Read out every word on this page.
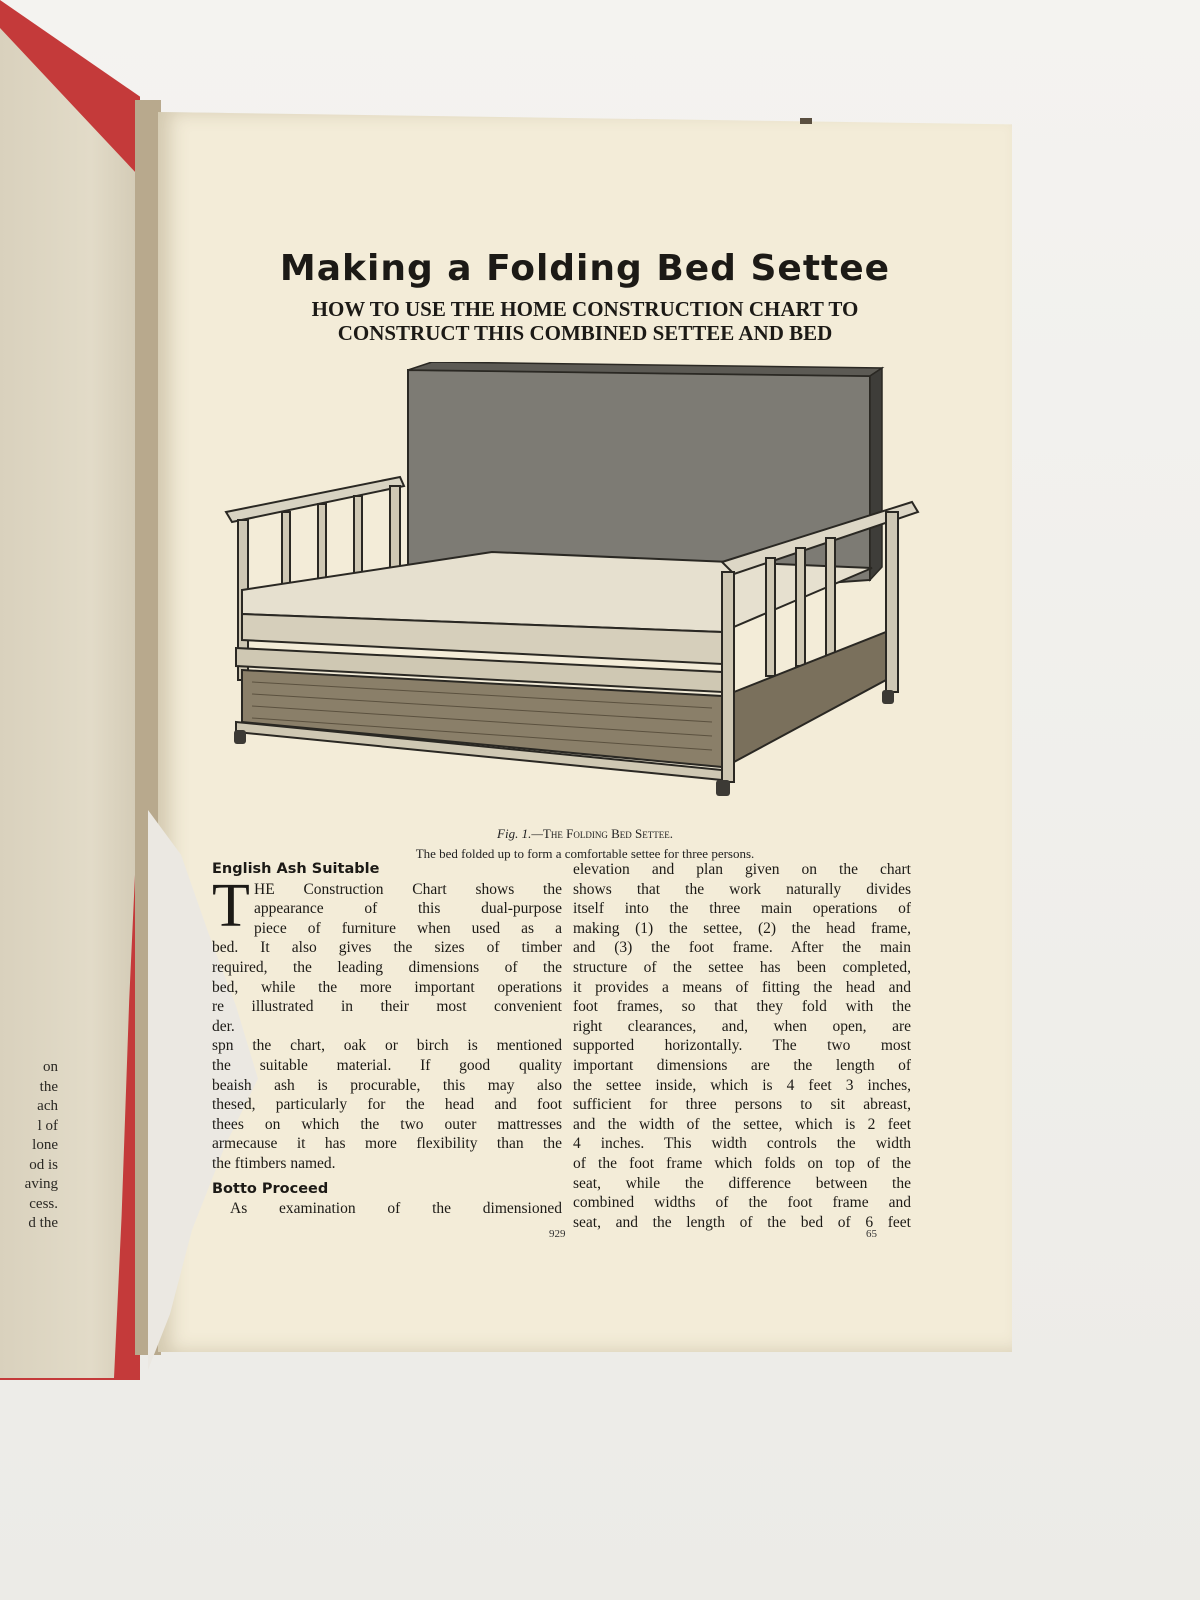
on
the
ach
l of
lone
od is
aving
cess.
d the
Making a Folding Bed Settee
HOW TO USE THE HOME CONSTRUCTION CHART TO
CONSTRUCT THIS COMBINED SETTEE AND BED
Fig. 1.—The Folding Bed Settee.
The bed folded up to form a comfortable settee for three persons.
English Ash Suitable
T HE Construction Chart shows the
appearance of this dual-purpose
piece of furniture when used as a
bed. It also gives the sizes of timber
required, the leading dimensions of the
bed, while the more important operations
re illustrated in their most convenient
der.
spn the chart, oak or birch is mentioned
the suitable material. If good quality
beaish ash is procurable, this may also
thesed, particularly for the head and foot
thees on which the two outer mattresses
armecause it has more flexibility than the
the ftimbers named.
Botto Proceed
As examination of the dimensioned
elevation and plan given on the chart
shows that the work naturally divides
itself into the three main operations of
making (1) the settee, (2) the head frame,
and (3) the foot frame. After the main
structure of the settee has been completed,
it provides a means of fitting the head and
foot frames, so that they fold with the
right clearances, and, when open, are
supported horizontally. The two most
important dimensions are the length of
the settee inside, which is 4 feet 3 inches,
sufficient for three persons to sit abreast,
and the width of the settee, which is 2 feet
4 inches. This width controls the width
of the foot frame which folds on top of the
seat, while the difference between the
combined widths of the foot frame and
seat, and the length of the bed of 6 feet
929	65
